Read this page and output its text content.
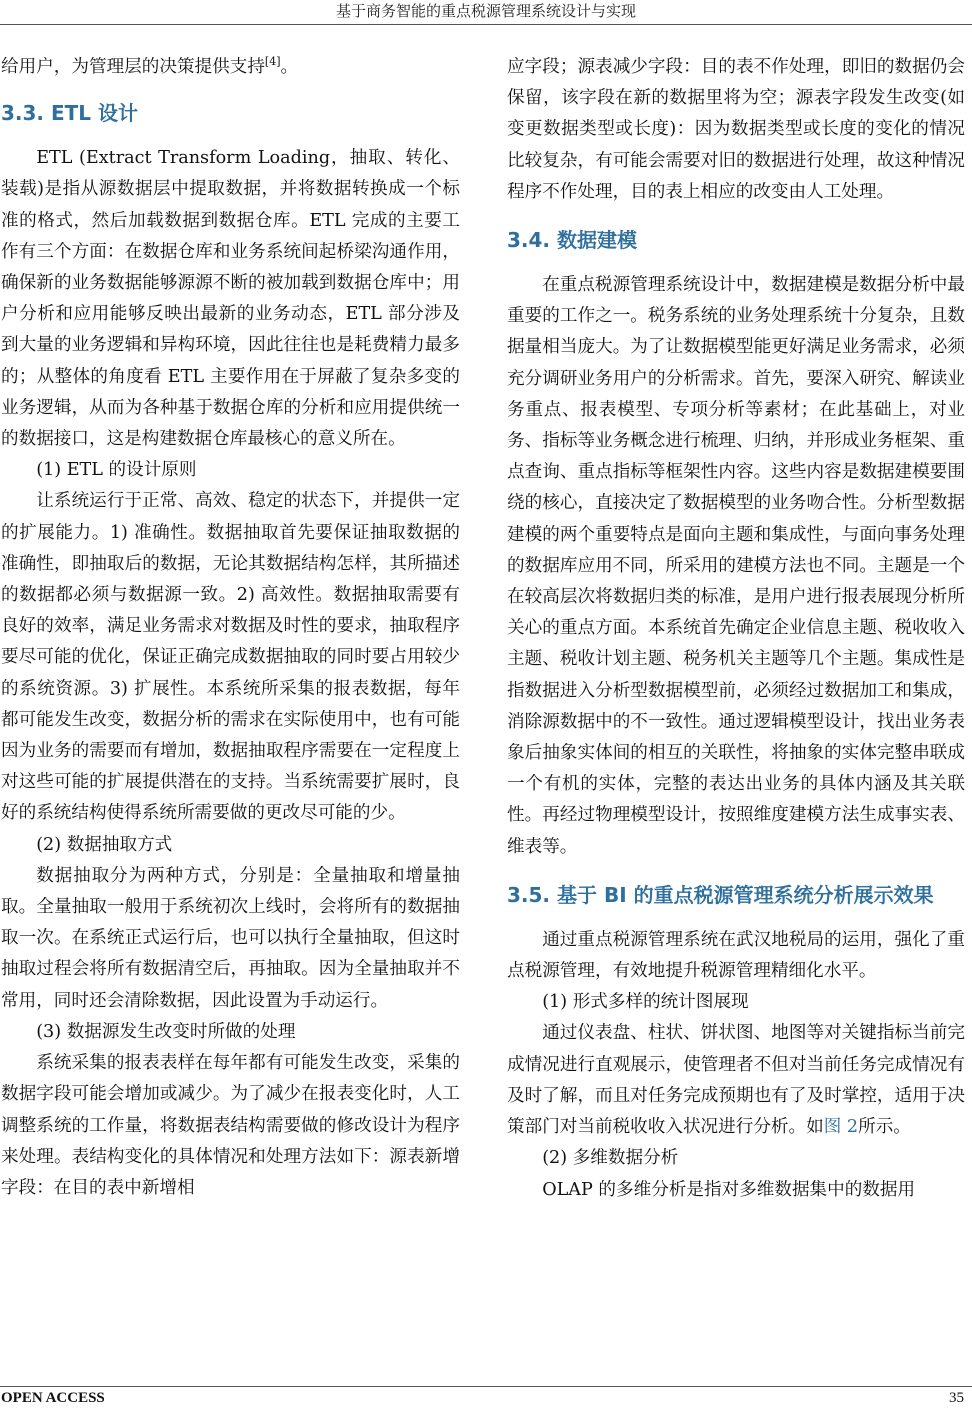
基于商务智能的重点税源管理系统设计与实现

给用户，为管理层的决策提供支持[4]。

3.3. ETL 设计

ETL (Extract Transform Loading，抽取、转化、装载)是指从源数据层中提取数据，并将数据转换成一个标准的格式，然后加载数据到数据仓库。ETL 完成的主要工作有三个方面：在数据仓库和业务系统间起桥梁沟通作用，确保新的业务数据能够源源不断的被加载到数据仓库中；用户分析和应用能够反映出最新的业务动态，ETL 部分涉及到大量的业务逻辑和异构环境，因此往往也是耗费精力最多的；从整体的角度看 ETL 主要作用在于屏蔽了复杂多变的业务逻辑，从而为各种基于数据仓库的分析和应用提供统一的数据接口，这是构建数据仓库最核心的意义所在。

(1) ETL 的设计原则

让系统运行于正常、高效、稳定的状态下，并提供一定的扩展能力。1) 准确性。数据抽取首先要保证抽取数据的准确性，即抽取后的数据，无论其数据结构怎样，其所描述的数据都必须与数据源一致。2) 高效性。数据抽取需要有良好的效率，满足业务需求对数据及时性的要求，抽取程序要尽可能的优化，保证正确完成数据抽取的同时要占用较少的系统资源。3) 扩展性。本系统所采集的报表数据，每年都可能发生改变，数据分析的需求在实际使用中，也有可能因为业务的需要而有增加，数据抽取程序需要在一定程度上对这些可能的扩展提供潜在的支持。当系统需要扩展时，良好的系统结构使得系统所需要做的更改尽可能的少。

(2) 数据抽取方式

数据抽取分为两种方式，分别是：全量抽取和增量抽取。全量抽取一般用于系统初次上线时，会将所有的数据抽取一次。在系统正式运行后，也可以执行全量抽取，但这时抽取过程会将所有数据清空后，再抽取。因为全量抽取并不常用，同时还会清除数据，因此设置为手动运行。

(3) 数据源发生改变时所做的处理

系统采集的报表表样在每年都有可能发生改变，采集的数据字段可能会增加或减少。为了减少在报表变化时，人工调整系统的工作量，将数据表结构需要做的修改设计为程序来处理。表结构变化的具体情况和处理方法如下：源表新增字段：在目的表中新增相

应字段；源表减少字段：目的表不作处理，即旧的数据仍会保留，该字段在新的数据里将为空；源表字段发生改变(如变更数据类型或长度)：因为数据类型或长度的变化的情况比较复杂，有可能会需要对旧的数据进行处理，故这种情况程序不作处理，目的表上相应的改变由人工处理。

3.4. 数据建模

在重点税源管理系统设计中，数据建模是数据分析中最重要的工作之一。税务系统的业务处理系统十分复杂，且数据量相当庞大。为了让数据模型能更好满足业务需求，必须充分调研业务用户的分析需求。首先，要深入研究、解读业务重点、报表模型、专项分析等素材；在此基础上，对业务、指标等业务概念进行梳理、归纳，并形成业务框架、重点查询、重点指标等框架性内容。这些内容是数据建模要围绕的核心，直接决定了数据模型的业务吻合性。分析型数据建模的两个重要特点是面向主题和集成性，与面向事务处理的数据库应用不同，所采用的建模方法也不同。主题是一个在较高层次将数据归类的标准，是用户进行报表展现分析所关心的重点方面。本系统首先确定企业信息主题、税收收入主题、税收计划主题、税务机关主题等几个主题。集成性是指数据进入分析型数据模型前，必须经过数据加工和集成，消除源数据中的不一致性。通过逻辑模型设计，找出业务表象后抽象实体间的相互的关联性，将抽象的实体完整串联成一个有机的实体，完整的表达出业务的具体内涵及其关联性。再经过物理模型设计，按照维度建模方法生成事实表、维表等。

3.5. 基于 BI 的重点税源管理系统分析展示效果

通过重点税源管理系统在武汉地税局的运用，强化了重点税源管理，有效地提升税源管理精细化水平。

(1) 形式多样的统计图展现

通过仪表盘、柱状、饼状图、地图等对关键指标当前完成情况进行直观展示，使管理者不但对当前任务完成情况有及时了解，而且对任务完成预期也有了及时掌控，适用于决策部门对当前税收收入状况进行分析。如图 2所示。

(2) 多维数据分析

OLAP 的多维分析是指对多维数据集中的数据用

OPEN ACCESS	35
